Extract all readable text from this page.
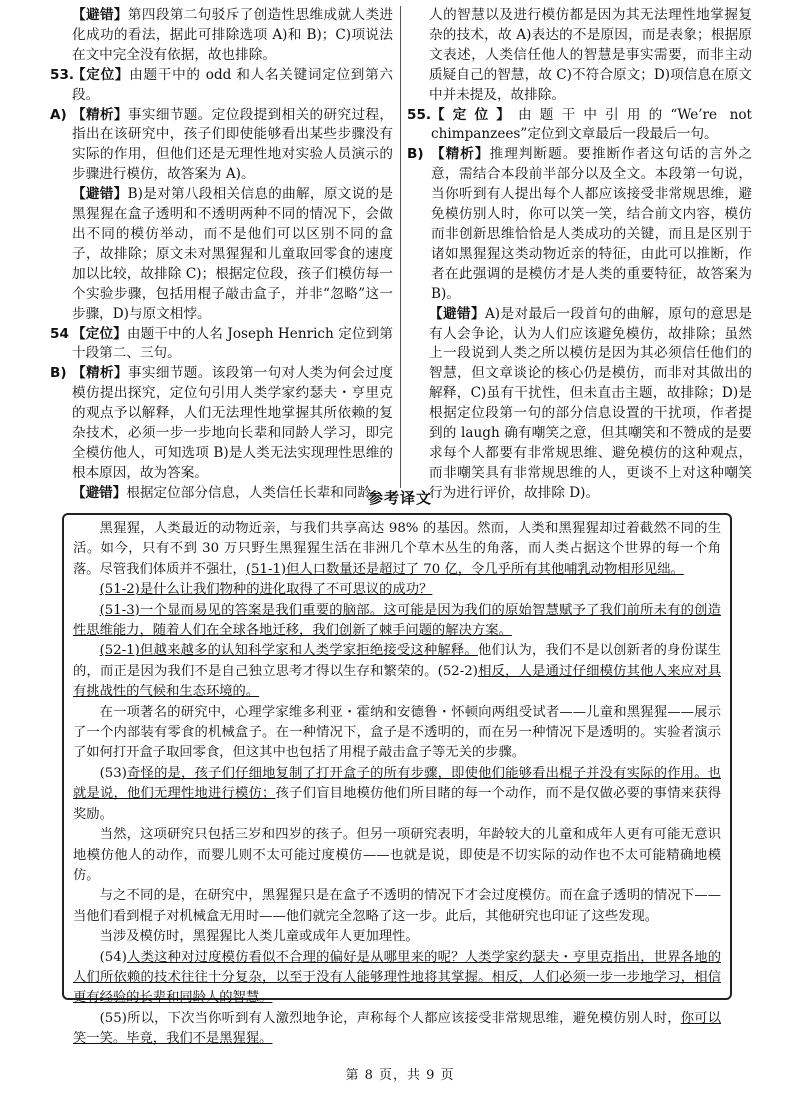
【避错】第四段第二句驳斥了创造性思维成就人类进化成功的看法，据此可排除选项 A)和 B)；C)项说法在文中完全没有依据，故也排除。
53.
【定位】由题干中的 odd 和人名关键词定位到第六段。
A) 【精析】事实细节题。定位段提到相关的研究过程，指出在该研究中，孩子们即使能够看出某些步骤没有实际的作用，但他们还是无理性地对实验人员演示的步骤进行模仿，故答案为 A)。
【避错】B)是对第八段相关信息的曲解，原文说的是黑猩猩在盒子透明和不透明两种不同的情况下，会做出不同的模仿举动，而不是他们可以区别不同的盒子，故排除；原文未对黑猩猩和儿童取回零食的速度加以比较，故排除 C)；根据定位段，孩子们模仿每一个实验步骤，包括用棍子敲击盒子，并非“忽略”这一步骤，D)与原文相悖。
54 【定位】由题干中的人名 Joseph Henrich 定位到第十段第二、三句。
B) 【精析】事实细节题。该段第一句对人类为何会过度模仿提出探究，定位句引用人类学家约瑟夫・亨里克的观点予以解释，人们无法理性地掌握其所依赖的复杂技术，必须一步一步地向长辈和同龄人学习，即完全模仿他人，可知选项 B)是人类无法实现理性思维的根本原因，故为答案。
【避错】根据定位部分信息，人类信任长辈和同龄
人的智慧以及进行模仿都是因为其无法理性地掌握复杂的技术，故 A)表达的不是原因，而是表象；根据原文表述，人类信任他人的智慧是事实需要，而非主动质疑自己的智慧，故 C)不符合原文；D)项信息在原文中并未提及，故排除。
55. 【定位】由题干中引用的“We’re not chimpanzees”定位到文章最后一段最后一句。
B) 【精析】推理判断题。要推断作者这句话的言外之意，需结合本段前半部分以及全文。本段第一句说，当你听到有人提出每个人都应该接受非常规思维，避免模仿别人时，你可以笑一笑，结合前文内容，模仿而非创新思维恰恰是人类成功的关键，而且是区别于诸如黑猩猩这类动物近亲的特征，由此可以推断，作者在此强调的是模仿才是人类的重要特征，故答案为 B)。
【避错】A)是对最后一段首句的曲解，原句的意思是有人会争论，认为人们应该避免模仿，故排除；虽然上一段说到人类之所以模仿是因为其必须信任他们的智慧，但文章谈论的核心仍是模仿，而非对其做出的解释，C)虽有干扰性，但未直击主题，故排除；D)是根据定位段第一句的部分信息设置的干扰项，作者提到的 laugh 确有嘲笑之意，但其嘲笑和不赞成的是要求每个人都要有非常规思维、避免模仿的这种观点，而非嘲笑具有非常规思维的人，更谈不上对这种嘲笑行为进行评价，故排除 D)。
参考译文

黑猩猩，人类最近的动物近亲，与我们共享高达 98% 的基因。然而，人类和黑猩猩却过着截然不同的生活。如今，只有不到 30 万只野生黑猩猩生活在非洲几个草木丛生的角落，而人类占据这个世界的每一个角落。尽管我们体质并不强壮，(51-1)但人口数量还是超过了 70 亿，令几乎所有其他哺乳动物相形见绌。

(51-2)是什么让我们物种的进化取得了不可思议的成功？

(51-3)一个显而易见的答案是我们重要的脑部。这可能是因为我们的原始智慧赋予了我们前所未有的创造性思维能力，随着人们在全球各地迁移，我们创新了棘手问题的解决方案。

(52-1)但越来越多的认知科学家和人类学家拒绝接受这种解释。他们认为，我们不是以创新者的身份谋生的，而正是因为我们不是自己独立思考才得以生存和繁荣的。(52-2)相反，人是通过仔细模仿其他人来应对具有挑战性的气候和生态环境的。

在一项著名的研究中，心理学家维多利亚・霍纳和安德鲁・怀顿向两组受试者——儿童和黑猩猩——展示了一个内部装有零食的机械盒子。在一种情况下，盒子是不透明的，而在另一种情况下是透明的。实验者演示了如何打开盒子取回零食，但这其中也包括了用棍子敲击盒子等无关的步骤。

(53)奇怪的是，孩子们仔细地复制了打开盒子的所有步骤，即使他们能够看出棍子并没有实际的作用。也就是说，他们无理性地进行模仿；孩子们盲目地模仿他们所目睹的每一个动作，而不是仅做必要的事情来获得奖励。

当然，这项研究只包括三岁和四岁的孩子。但另一项研究表明，年龄较大的儿童和成年人更有可能无意识地模仿他人的动作，而婴儿则不太可能过度模仿——也就是说，即使是不切实际的动作也不太可能精确地模仿。

与之不同的是，在研究中，黑猩猩只是在盒子不透明的情况下才会过度模仿。而在盒子透明的情况下——当他们看到棍子对机械盒无用时——他们就完全忽略了这一步。此后，其他研究也印证了这些发现。

当涉及模仿时，黑猩猩比人类儿童或成年人更加理性。

(54)人类这种对过度模仿看似不合理的偏好是从哪里来的呢？人类学家约瑟夫・亨里克指出，世界各地的人们所依赖的技术往往十分复杂，以至于没有人能够理性地将其掌握。相反，人们必须一步一步地学习，相信更有经验的长辈和同龄人的智慧。

(55)所以，下次当你听到有人激烈地争论，声称每个人都应该接受非常规思维，避免模仿别人时，你可以笑一笑。毕竟，我们不是黑猩猩。

第 8 页，共 9 页
